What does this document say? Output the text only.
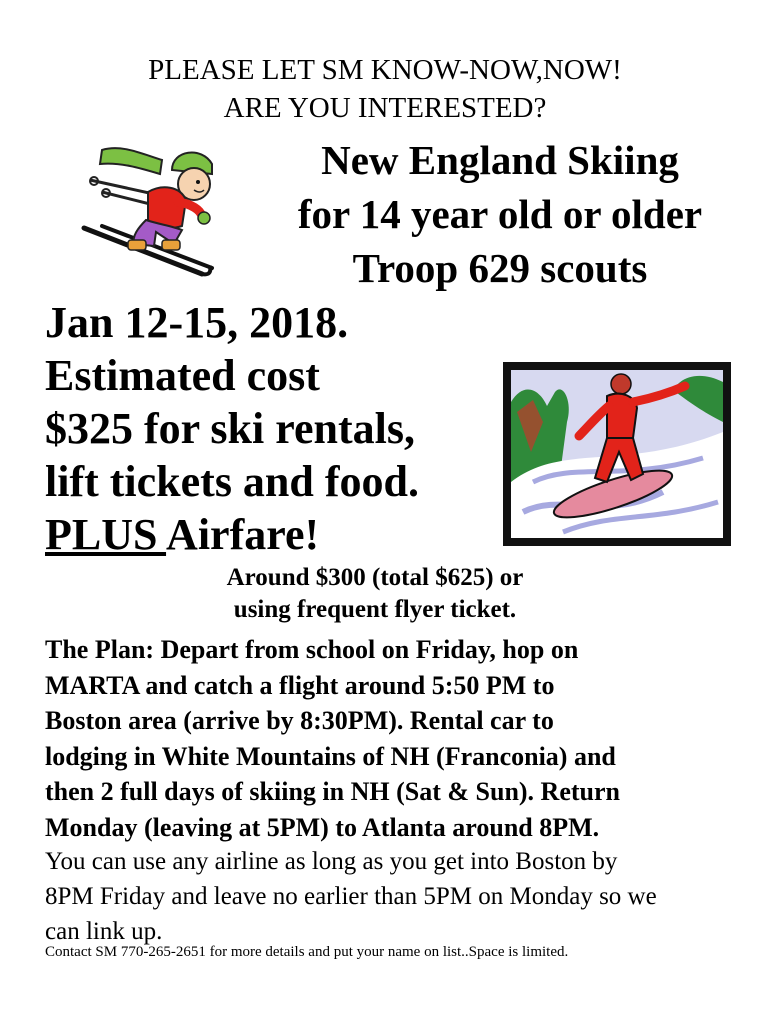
PLEASE LET SM KNOW-NOW,NOW!
ARE YOU INTERESTED?
New England Skiing
for 14 year old or older
Troop 629 scouts
Jan 12-15, 2018.
Estimated cost
$325 for ski rentals,
lift tickets and food.
PLUS Airfare!
Around $300 (total $625) or
using frequent flyer ticket.

The Plan: Depart from school on Friday, hop on

MARTA and catch a flight around 5:50 PM to

Boston area (arrive by 8:30PM). Rental car to

lodging in White Mountains of NH (Franconia) and

then 2 full days of skiing in NH (Sat & Sun). Return

Monday (leaving at 5PM) to Atlanta around 8PM.

You can use any airline as long as you get into Boston by

8PM Friday and leave no earlier than 5PM on Monday so we

can link up.

Contact SM 770-265-2651 for more details and put your name on list..Space is limited.
